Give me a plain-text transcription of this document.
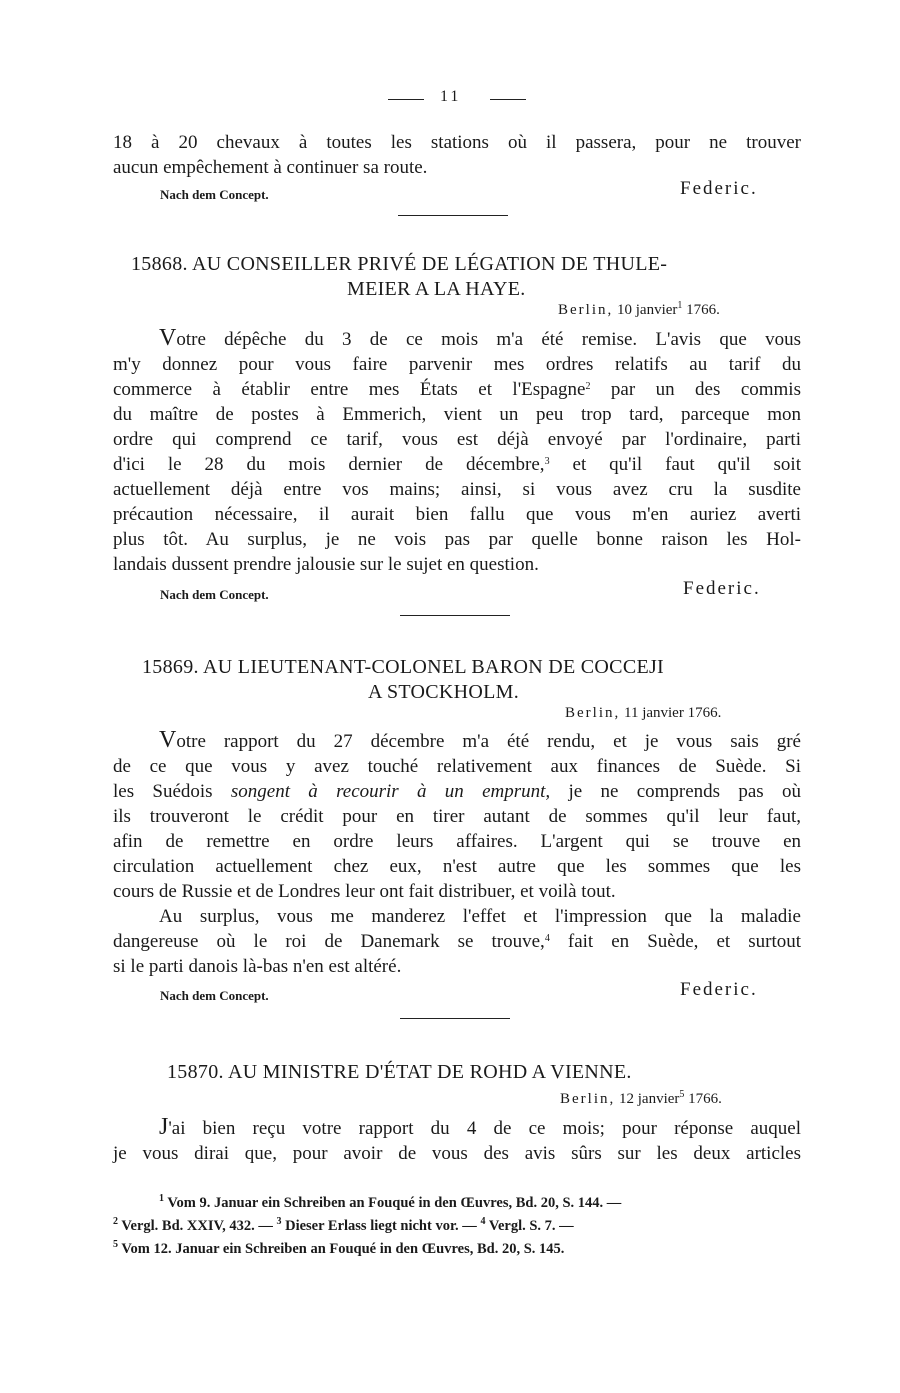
11
18 à 20 chevaux à toutes les stations où il passera, pour ne trouver
aucun empêchement à continuer sa route.
Nach dem Concept.	Federic.
15868. AU CONSEILLER PRIVÉ DE LÉGATION DE THULE-
MEIER A LA HAYE.
Berlin, 10 janvier$^1$ 1766.
Votre dépêche du 3 de ce mois m'a été remise. L'avis que vous
m'y donnez pour vous faire parvenir mes ordres relatifs au tarif du
commerce à établir entre mes États et l'Espagne$^2$ par un des commis
du maître de postes à Emmerich, vient un peu trop tard, parceque mon
ordre qui comprend ce tarif, vous est déjà envoyé par l'ordinaire, parti
d'ici le 28 du mois dernier de décembre,$^3$ et qu'il faut qu'il soit
actuellement déjà entre vos mains; ainsi, si vous avez cru la susdite
précaution nécessaire, il aurait bien fallu que vous m'en auriez averti
plus tôt. Au surplus, je ne vois pas par quelle bonne raison les Hol-
landais dussent prendre jalousie sur le sujet en question.
Nach dem Concept.	Federic.
15869. AU LIEUTENANT-COLONEL BARON DE COCCEJI
A STOCKHOLM.
Berlin, 11 janvier 1766.
Votre rapport du 27 décembre m'a été rendu, et je vous sais gré
de ce que vous y avez touché relativement aux finances de Suède. Si
les Suédois songent à recourir à un emprunt, je ne comprends pas où
ils trouveront le crédit pour en tirer autant de sommes qu'il leur faut,
afin de remettre en ordre leurs affaires. L'argent qui se trouve en
circulation actuellement chez eux, n'est autre que les sommes que les
cours de Russie et de Londres leur ont fait distribuer, et voilà tout.
Au surplus, vous me manderez l'effet et l'impression que la maladie
dangereuse où le roi de Danemark se trouve,$^4$ fait en Suède, et surtout
si le parti danois là-bas n'en est altéré.
Nach dem Concept.	Federic.
15870. AU MINISTRE D'ÉTAT DE ROHD A VIENNE.
Berlin, 12 janvier$^5$ 1766.
J'ai bien reçu votre rapport du 4 de ce mois; pour réponse auquel
je vous dirai que, pour avoir de vous des avis sûrs sur les deux articles
$^1$ Vom 9. Januar ein Schreiben an Fouqué in den Œuvres, Bd. 20, S. 144. —
$^2$ Vergl. Bd. XXIV, 432. — $^3$ Dieser Erlass liegt nicht vor. — $^4$ Vergl. S. 7. —
$^5$ Vom 12. Januar ein Schreiben an Fouqué in den Œuvres, Bd. 20, S. 145.
